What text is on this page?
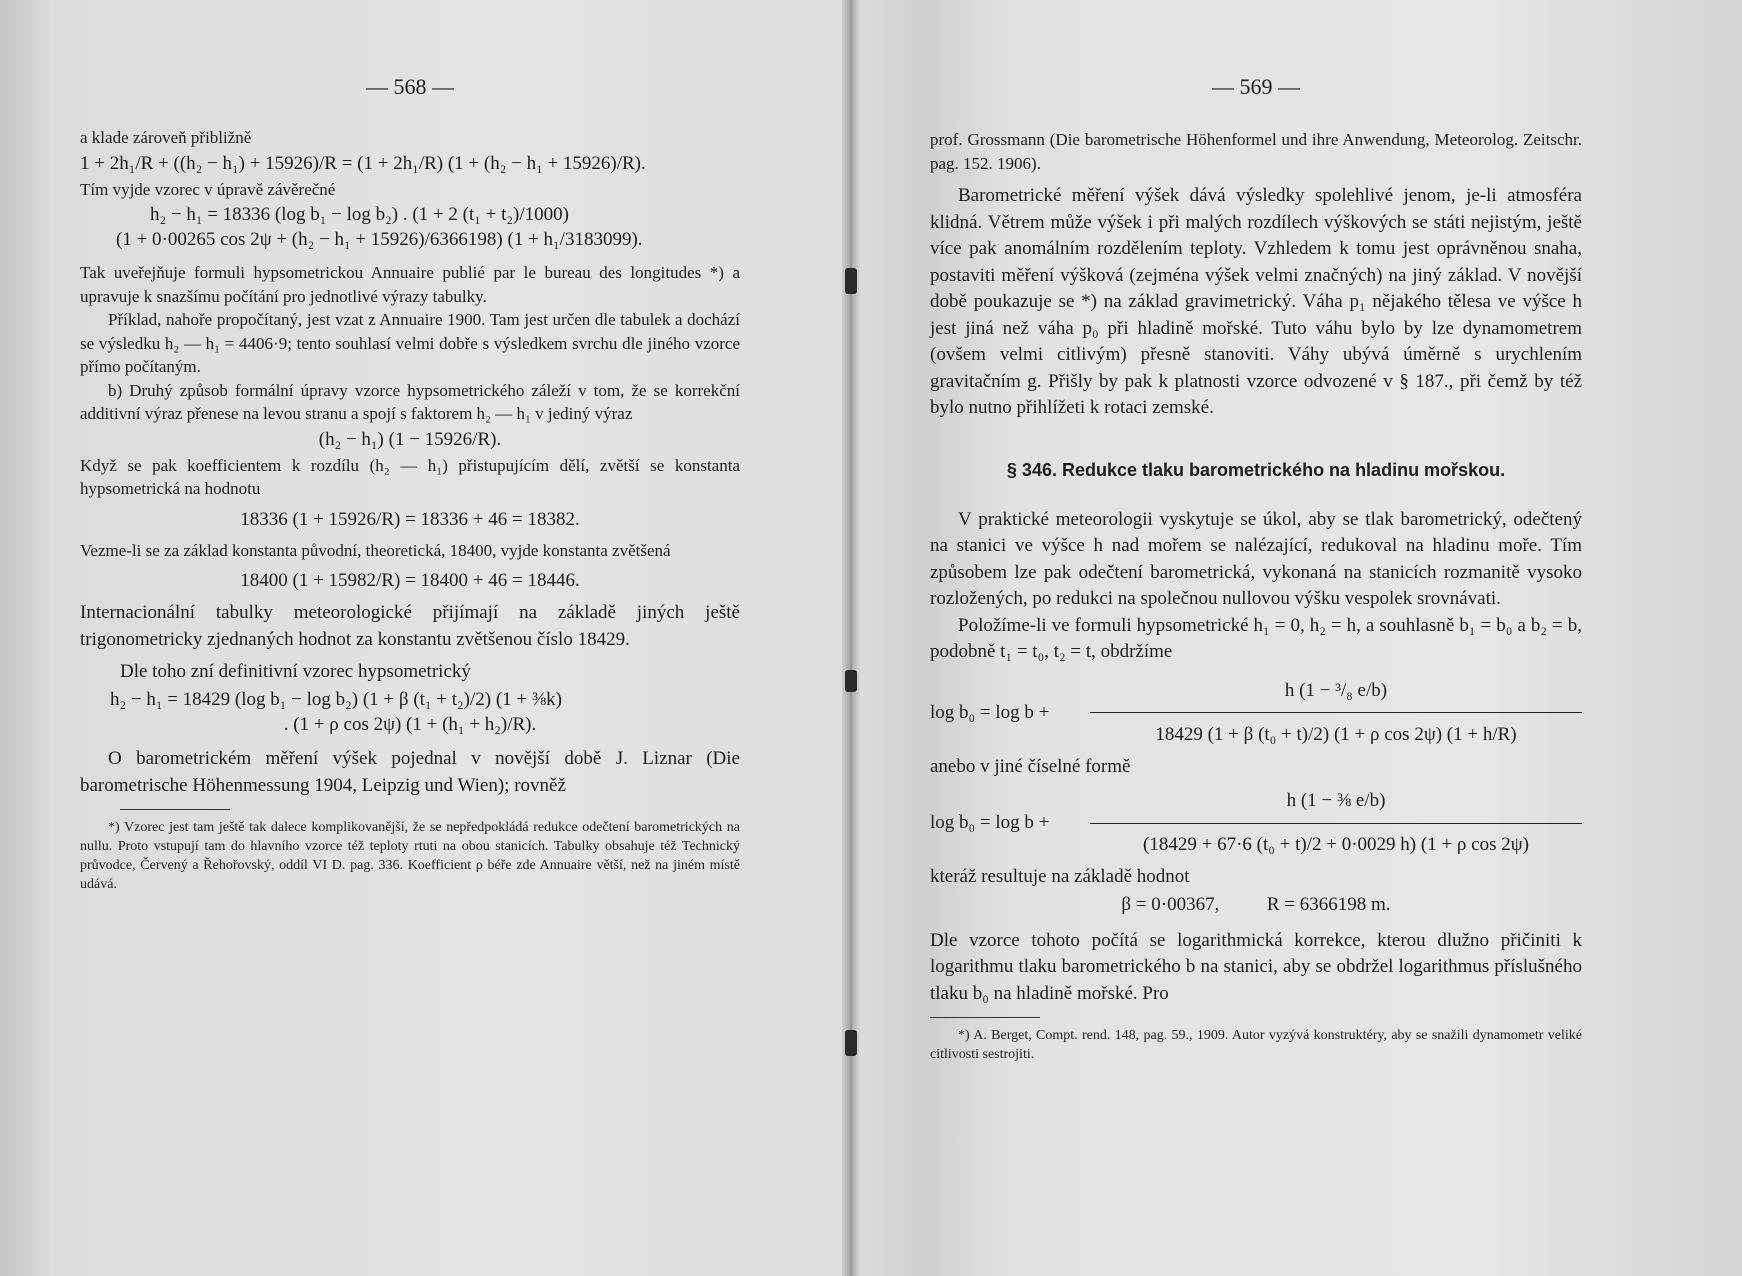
— 568 —

a klade zároveň přibližně

1 + 2h₁/R + ((h₂ − h₁) + 15926)/R = (1 + 2h₁/R) (1 + (h₂ − h₁ + 15926)/R).

Tím vyjde vzorec v úpravě závěrečné

h₂ − h₁ = 18336 (log b₁ − log b₂) . (1 + 2 (t₁ + t₂)/1000)
(1 + 0·00265 cos 2ψ + (h₂ − h₁ + 15926)/6366198) (1 + h₁/3183099).

Tak uveřejňuje formuli hypsometrickou Annuaire publié par le bureau des longitudes *) a upravuje k snazšímu počítání pro jednotlivé výrazy tabulky.

Příklad, nahoře propočítaný, jest vzat z Annuaire 1900. Tam jest určen dle tabulek a dochází se výsledku h₂ — h₁ = 4406·9; tento souhlasí velmi dobře s výsledkem svrchu dle jiného vzorce přímo počítaným.

b) Druhý způsob formální úpravy vzorce hypsometrického záleží v tom, že se korrekční additivní výraz přenese na levou stranu a spojí s faktorem h₂ — h₁ v jediný výraz

(h₂ − h₁) (1 − 15926/R).

Když se pak koefficientem k rozdílu (h₂ — h₁) přistupujícím dělí, zvětší se konstanta hypsometrická na hodnotu

18336 (1 + 15926/R) = 18336 + 46 = 18382.

Vezme-li se za základ konstanta původní, theoretická, 18400, vyjde konstanta zvětšená

18400 (1 + 15982/R) = 18400 + 46 = 18446.

Internacionální tabulky meteorologické přijímají na základě jiných ještě trigonometricky zjednaných hodnot za konstantu zvětšenou číslo 18429.

Dle toho zní definitivní vzorec hypsometrický
h₂ − h₁ = 18429 (log b₁ − log b₂) (1 + β (t₁ + t₂)/2) (1 + ⅜k)
. (1 + ρ cos 2ψ) (1 + (h₁ + h₂)/R).

O barometrickém měření výšek pojednal v novější době J. Liznar (Die barometrische Höhenmessung 1904, Leipzig und Wien); rovněž

*) Vzorec jest tam ještě tak dalece komplikovanější, že se nepředpokládá redukce odečtení barometrických na nullu. Proto vstupují tam do hlavního vzorce též teploty rtuti na obou stanicích. Tabulky obsahuje též Technický průvodce, Červený a Řehořovský, oddíl VI D. pag. 336. Koefficient ρ béře zde Annuaire větší, než na jiném místě udává.

— 569 —

prof. Grossmann (Die barometrische Höhenformel und ihre Anwendung, Meteorolog. Zeitschr. pag. 152. 1906).

Barometrické měření výšek dává výsledky spolehlivé jenom, je-li atmosféra klidná. Větrem může výšek i při malých rozdílech výškových se státi nejistým, ještě více pak anomálním rozdělením teploty. Vzhledem k tomu jest oprávněnou snaha, postaviti měření výšková (zejména výšek velmi značných) na jiný základ. V novější době poukazuje se *) na základ gravimetrický. Váha p₁ nějakého tělesa ve výšce h jest jiná než váha p₀ při hladině mořské. Tuto váhu bylo by lze dynamometrem (ovšem velmi citlivým) přesně stanoviti. Váhy ubývá úměrně s urychlením gravitačním g. Přišly by pak k platnosti vzorce odvozené v § 187., při čemž by též bylo nutno přihlížeti k rotaci zemské.

§ 346. Redukce tlaku barometrického na hladinu mořskou.

V praktické meteorologii vyskytuje se úkol, aby se tlak barometrický, odečtený na stanici ve výšce h nad mořem se nalézající, redukoval na hladinu moře. Tím způsobem lze pak odečtení barometrická, vykonaná na stanicích rozmanitě vysoko rozložených, po redukci na společnou nullovou výšku vespolek srovnávati.

Položíme-li ve formuli hypsometrické h₁ = 0, h₂ = h, a souhlasně b₁ = b₀ a b₂ = b, podobně t₁ = t₀, t₂ = t, obdržíme

h (1 − ³/₈ e/b)
log b₀ = log b +
18429 (1 + β (t₀ + t)/2) (1 + ρ cos 2ψ) (1 + h/R)

anebo v jiné číselné formě

h (1 − ⅜ e/b)
log b₀ = log b +
(18429 + 67·6 (t₀ + t)/2 + 0·0029 h) (1 + ρ cos 2ψ)

kteráž resultuje na základě hodnot

β = 0·00367,          R = 6366198 m.

Dle vzorce tohoto počítá se logarithmická korrekce, kterou dlužno přičiniti k logarithmu tlaku barometrického b na stanici, aby se obdržel logarithmus příslušného tlaku b₀ na hladině mořské. Pro

*) A. Berget, Compt. rend. 148, pag. 59., 1909. Autor vyzývá konstruktéry, aby se snažili dynamometr veliké citlivosti sestrojiti.
